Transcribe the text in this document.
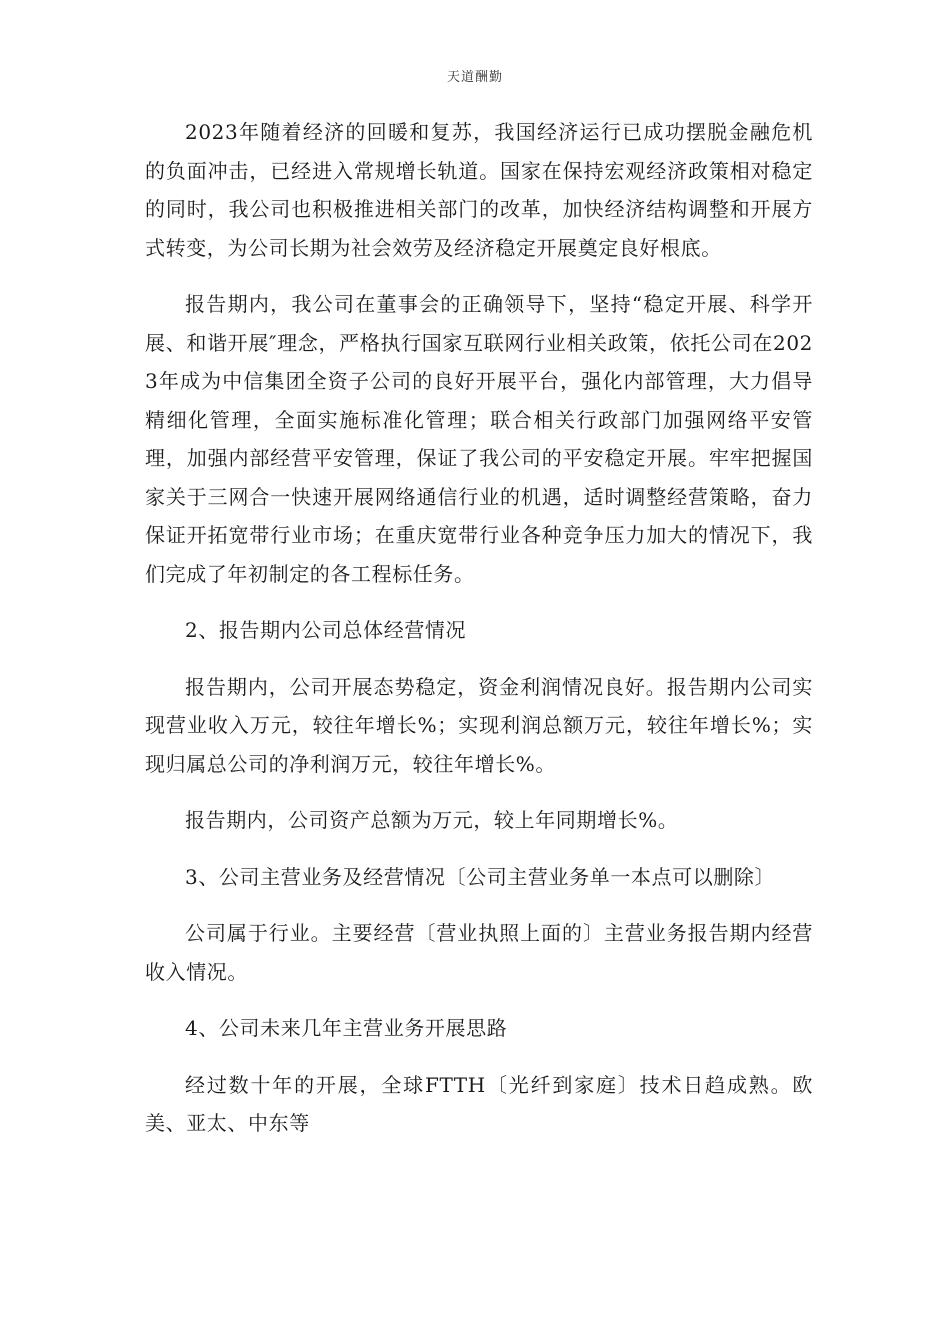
天道酬勤

2023年随着经济的回暖和复苏，我国经济运行已成功摆脱金融危机的负面冲击，已经进入常规增长轨道。国家在保持宏观经济政策相对稳定的同时，我公司也积极推进相关部门的改革，加快经济结构调整和开展方式转变，为公司长期为社会效劳及经济稳定开展奠定良好根底。

报告期内，我公司在董事会的正确领导下，坚持“稳定开展、科学开展、和谐开展″理念，严格执行国家互联网行业相关政策，依托公司在2023年成为中信集团全资子公司的良好开展平台，强化内部管理，大力倡导精细化管理，全面实施标准化管理；联合相关行政部门加强网络平安管理，加强内部经营平安管理，保证了我公司的平安稳定开展。牢牢把握国家关于三网合一快速开展网络通信行业的机遇，适时调整经营策略，奋力保证开拓宽带行业市场；在重庆宽带行业各种竞争压力加大的情况下，我们完成了年初制定的各工程标任务。

2、报告期内公司总体经营情况

报告期内，公司开展态势稳定，资金利润情况良好。报告期内公司实现营业收入万元，较往年增长%；实现利润总额万元，较往年增长%；实现归属总公司的净利润万元，较往年增长%。

报告期内，公司资产总额为万元，较上年同期增长%。

3、公司主营业务及经营情况〔公司主营业务单一本点可以删除〕

公司属于行业。主要经营〔营业执照上面的〕主营业务报告期内经营收入情况。

4、公司未来几年主营业务开展思路

经过数十年的开展，全球FTTH〔光纤到家庭〕技术日趋成熟。欧美、亚太、中东等
